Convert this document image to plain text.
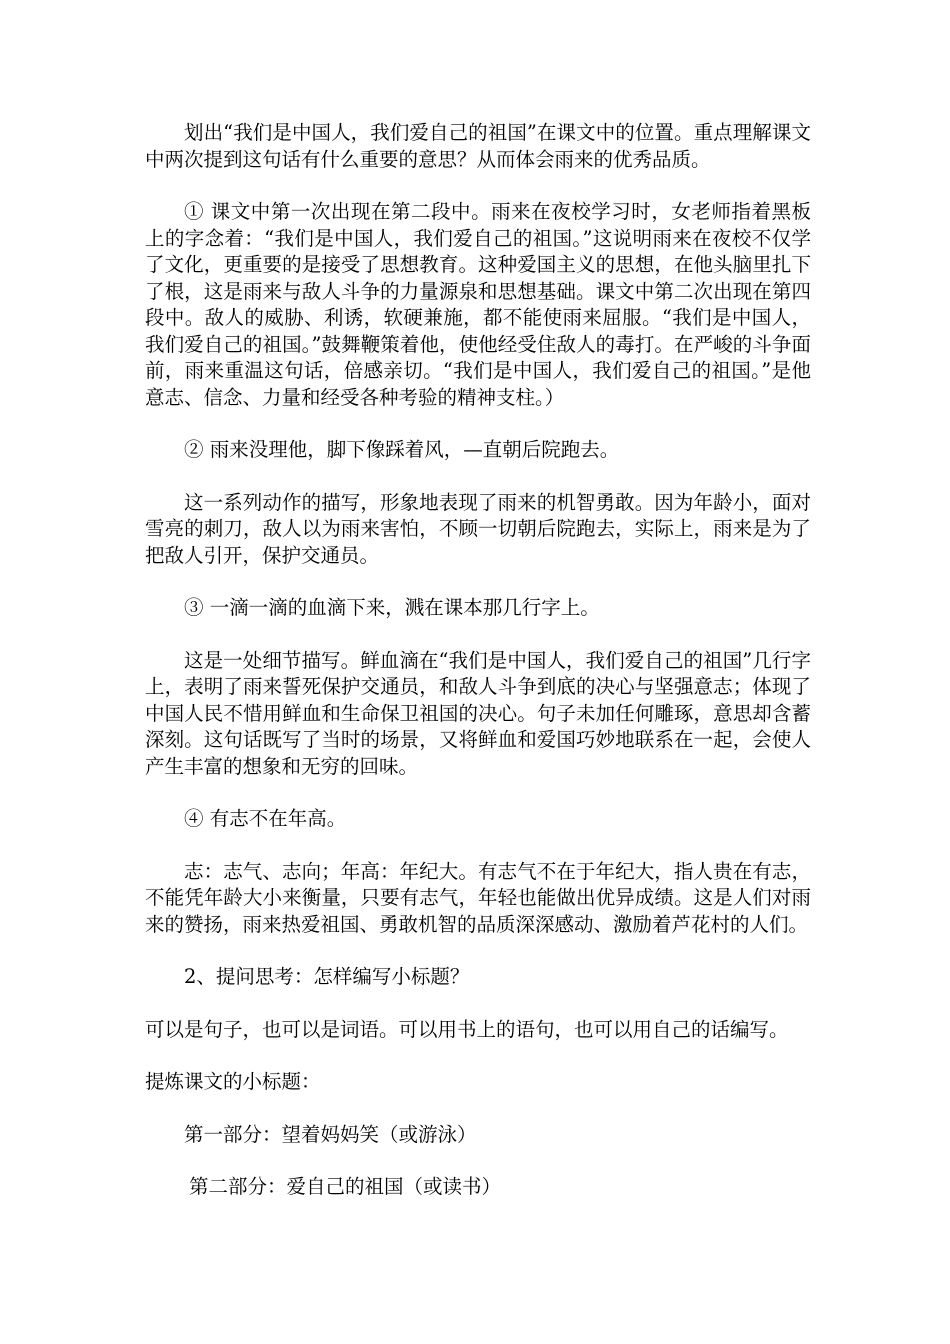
划出“我们是中国人，我们爱自己的祖国”在课文中的位置。重点理解课文中两次提到这句话有什么重要的意思？从而体会雨来的优秀品质。

① 课文中第一次出现在第二段中。雨来在夜校学习时，女老师指着黑板上的字念着：“我们是中国人，我们爱自己的祖国。”这说明雨来在夜校不仅学了文化，更重要的是接受了思想教育。这种爱国主义的思想，在他头脑里扎下了根，这是雨来与敌人斗争的力量源泉和思想基础。课文中第二次出现在第四段中。敌人的威胁、利诱，软硬兼施，都不能使雨来屈服。“我们是中国人，我们爱自己的祖国。”鼓舞鞭策着他，使他经受住敌人的毒打。在严峻的斗争面前，雨来重温这句话，倍感亲切。“我们是中国人，我们爱自己的祖国。”是他意志、信念、力量和经受各种考验的精神支柱。）

② 雨来没理他，脚下像踩着风，—直朝后院跑去。

这一系列动作的描写，形象地表现了雨来的机智勇敢。因为年龄小，面对雪亮的刺刀，敌人以为雨来害怕，不顾一切朝后院跑去，实际上，雨来是为了把敌人引开，保护交通员。

③ 一滴一滴的血滴下来，溅在课本那几行字上。

这是一处细节描写。鲜血滴在“我们是中国人，我们爱自己的祖国”几行字上，表明了雨来誓死保护交通员，和敌人斗争到底的决心与坚强意志；体现了中国人民不惜用鲜血和生命保卫祖国的决心。句子未加任何雕琢，意思却含蓄深刻。这句话既写了当时的场景，又将鲜血和爱国巧妙地联系在一起，会使人产生丰富的想象和无穷的回味。

④ 有志不在年高。

志：志气、志向；年高：年纪大。有志气不在于年纪大，指人贵在有志，不能凭年龄大小来衡量，只要有志气，年轻也能做出优异成绩。这是人们对雨来的赞扬，雨来热爱祖国、勇敢机智的品质深深感动、激励着芦花村的人们。

2、提问思考：怎样编写小标题？

可以是句子，也可以是词语。可以用书上的语句，也可以用自己的话编写。

提炼课文的小标题：

第一部分：望着妈妈笑（或游泳）

第二部分：爱自己的祖国（或读书）
